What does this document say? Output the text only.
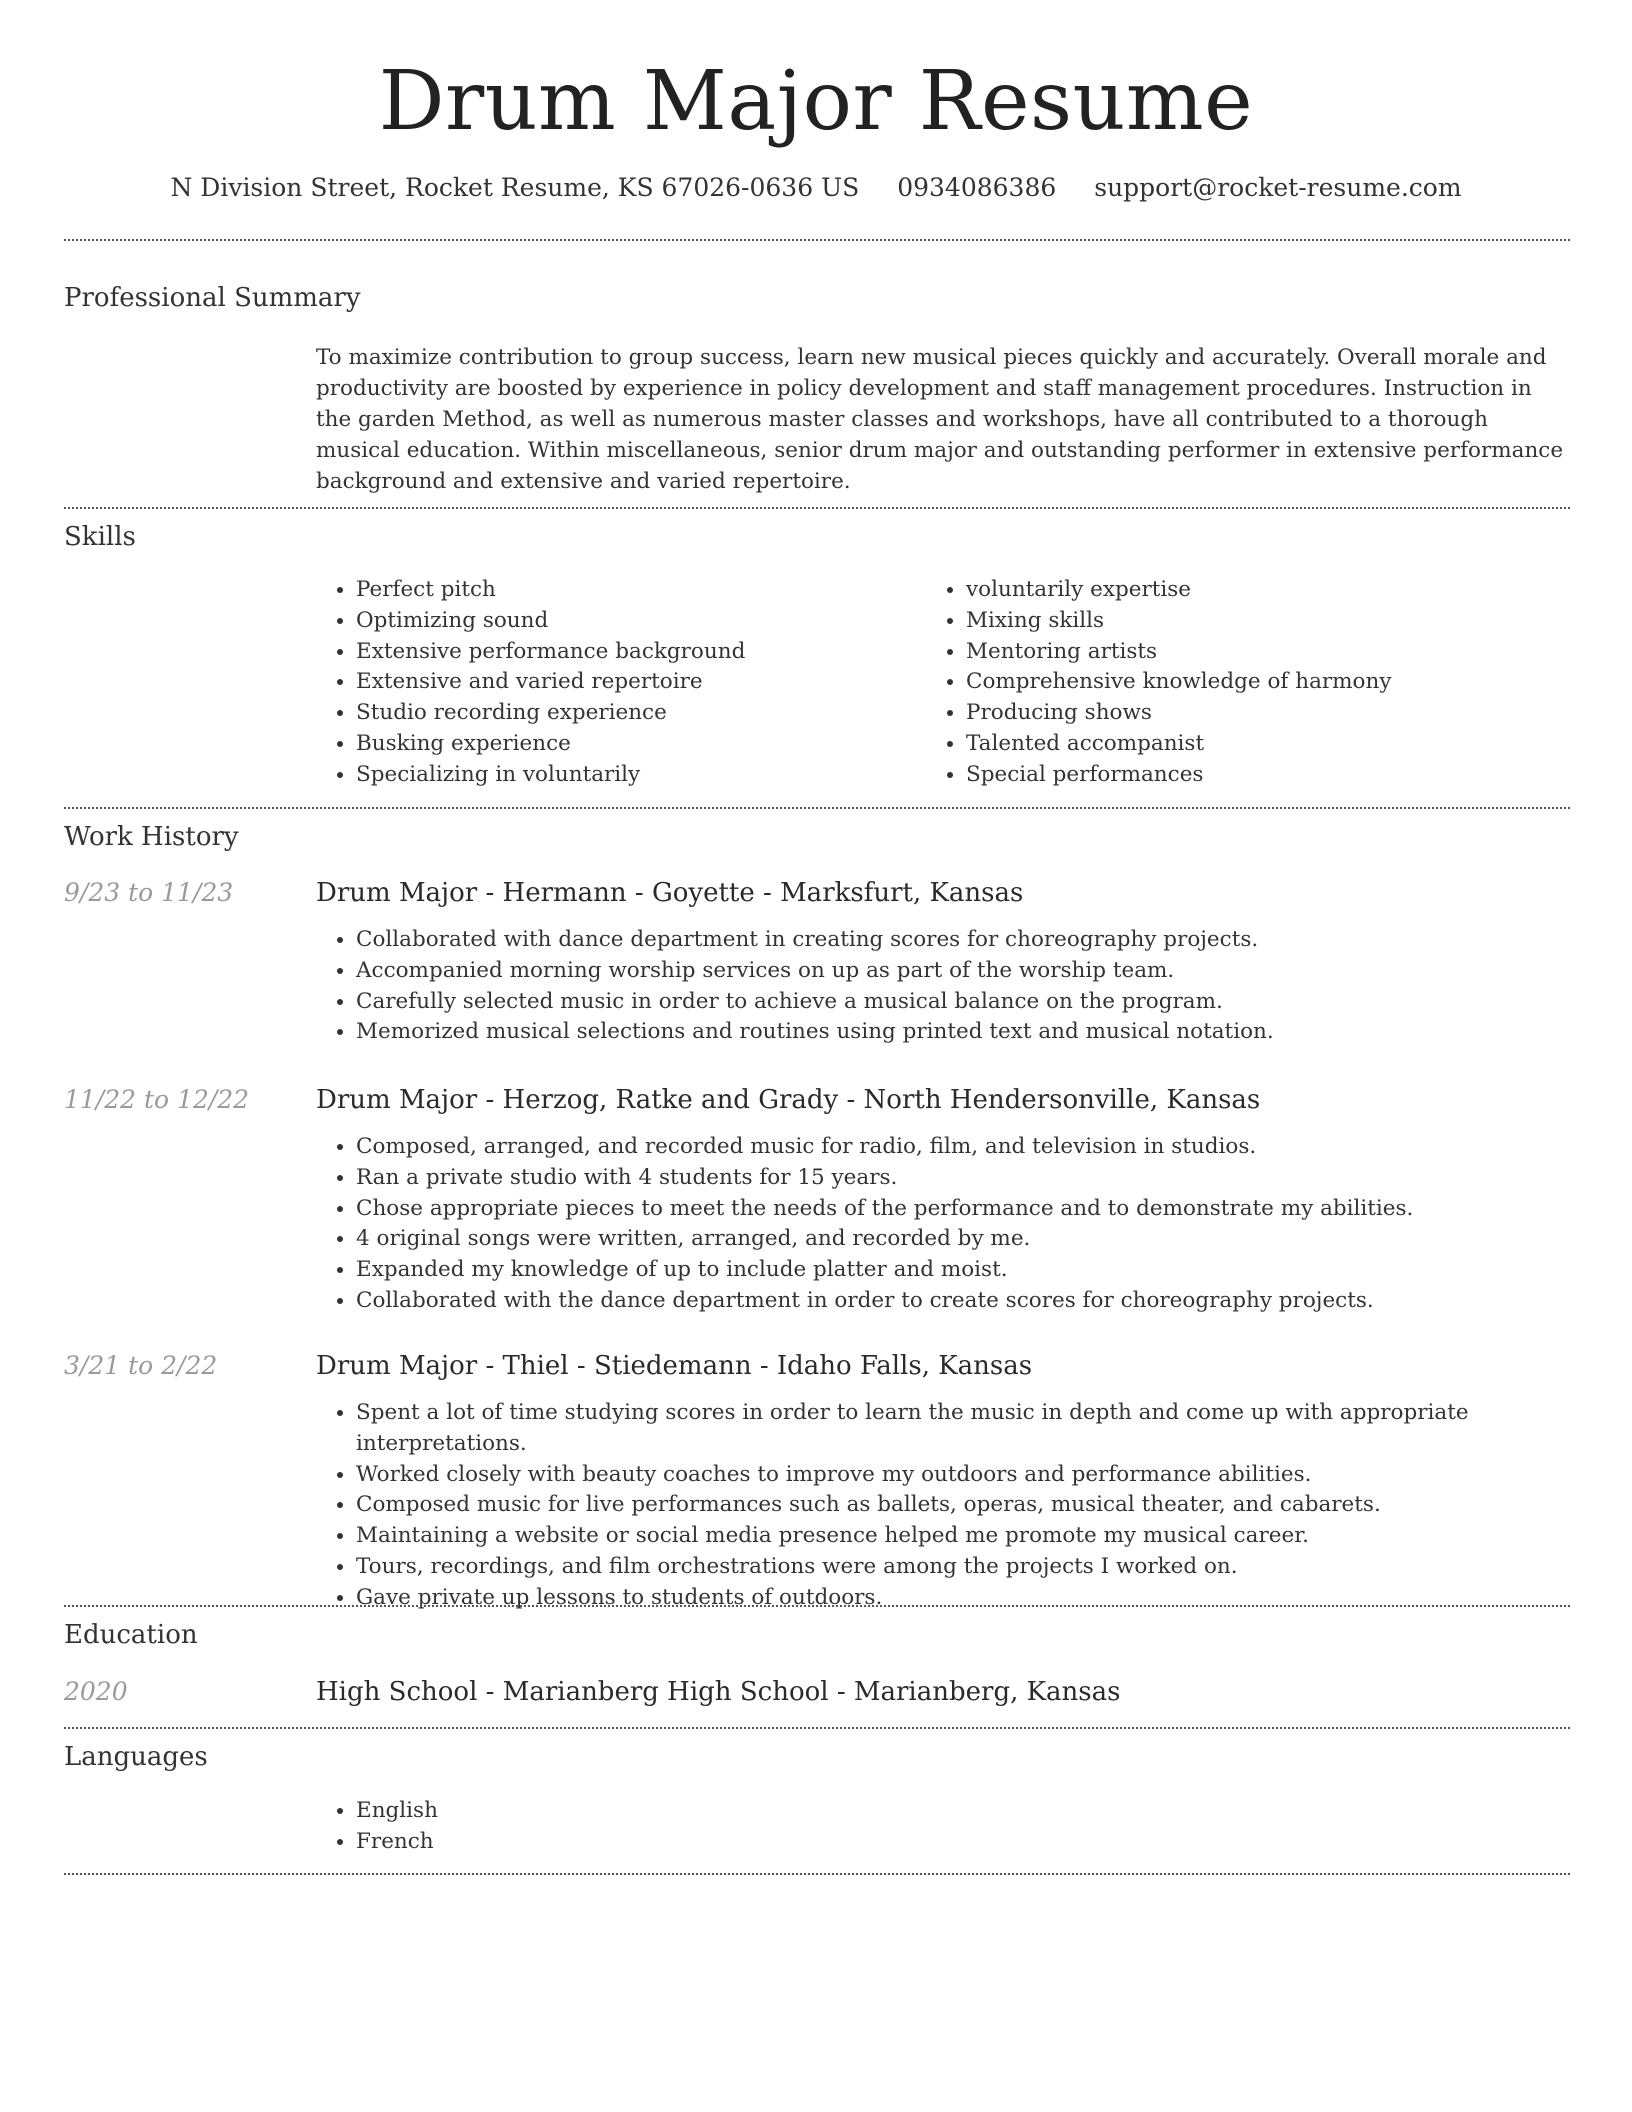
Drum Major Resume
N Division Street, Rocket Resume, KS 67026-0636 US 0934086386 support@rocket-resume.com
Professional Summary

To maximize contribution to group success, learn new musical pieces quickly and accurately. Overall morale and productivity are boosted by experience in policy development and staff management procedures. Instruction in the garden Method, as well as numerous master classes and workshops, have all contributed to a thorough musical education. Within miscellaneous, senior drum major and outstanding performer in extensive performance background and extensive and varied repertoire.

Skills
• Perfect pitch
• Optimizing sound
• Extensive performance background
• Extensive and varied repertoire
• Studio recording experience
• Busking experience
• Specializing in voluntarily
• voluntarily expertise
• Mixing skills
• Mentoring artists
• Comprehensive knowledge of harmony
• Producing shows
• Talented accompanist
• Special performances
Work History
9/23 to 11/23	Drum Major - Hermann - Goyette - Marksfurt, Kansas
• Collaborated with dance department in creating scores for choreography projects.
• Accompanied morning worship services on up as part of the worship team.
• Carefully selected music in order to achieve a musical balance on the program.
• Memorized musical selections and routines using printed text and musical notation.
11/22 to 12/22	Drum Major - Herzog, Ratke and Grady - North Hendersonville, Kansas
• Composed, arranged, and recorded music for radio, film, and television in studios.
• Ran a private studio with 4 students for 15 years.
• Chose appropriate pieces to meet the needs of the performance and to demonstrate my abilities.
• 4 original songs were written, arranged, and recorded by me.
• Expanded my knowledge of up to include platter and moist.
• Collaborated with the dance department in order to create scores for choreography projects.
3/21 to 2/22	Drum Major - Thiel - Stiedemann - Idaho Falls, Kansas
• Spent a lot of time studying scores in order to learn the music in depth and come up with appropriate interpretations.
• Worked closely with beauty coaches to improve my outdoors and performance abilities.
• Composed music for live performances such as ballets, operas, musical theater, and cabarets.
• Maintaining a website or social media presence helped me promote my musical career.
• Tours, recordings, and film orchestrations were among the projects I worked on.
• Gave private up lessons to students of outdoors.
Education
2020	High School - Marianberg High School - Marianberg, Kansas
Languages
• English
• French
